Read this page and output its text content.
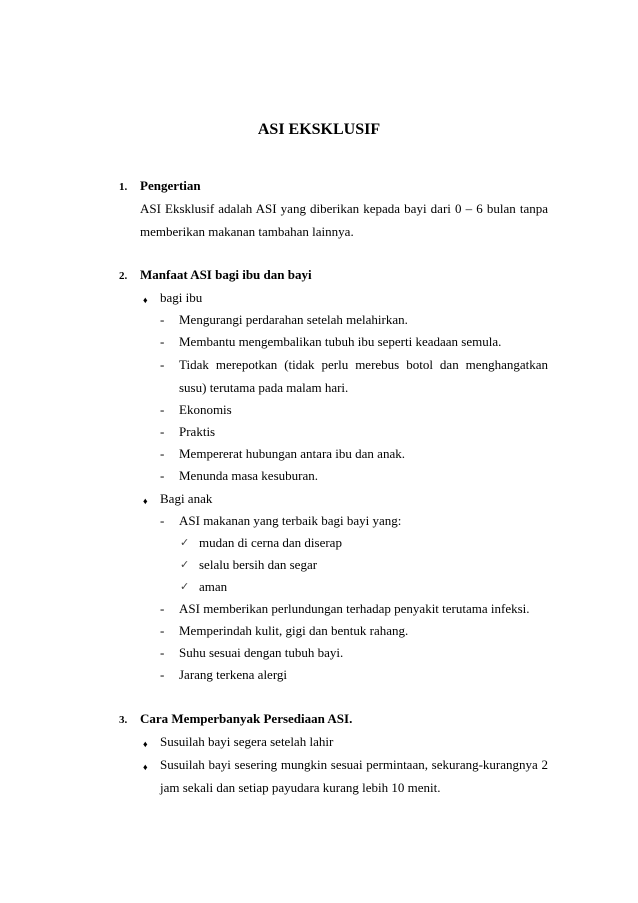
ASI EKSKLUSIF
1. Pengertian
ASI Eksklusif adalah ASI yang diberikan kepada bayi dari 0 – 6 bulan tanpa
memberikan makanan tambahan lainnya.
2. Manfaat ASI bagi ibu dan bayi
♦ bagi ibu
- Mengurangi perdarahan setelah melahirkan.
- Membantu mengembalikan tubuh ibu seperti keadaan semula.
- Tidak merepotkan (tidak perlu merebus botol dan menghangatkan
susu) terutama pada malam hari.
- Ekonomis
- Praktis
- Mempererat hubungan antara ibu dan anak.
- Menunda masa kesuburan.
♦ Bagi anak
- ASI makanan yang terbaik bagi bayi yang:
✓ mudan di cerna dan diserap
✓ selalu bersih dan segar
✓ aman
- ASI memberikan perlundungan terhadap penyakit terutama infeksi.
- Memperindah kulit, gigi dan bentuk rahang.
- Suhu sesuai dengan tubuh bayi.
- Jarang terkena alergi
3. Cara Memperbanyak Persediaan ASI.
♦ Susuilah bayi segera setelah lahir
♦ Susuilah bayi sesering mungkin sesuai permintaan, sekurang-kurangnya 2
jam sekali dan setiap payudara kurang lebih 10 menit.
